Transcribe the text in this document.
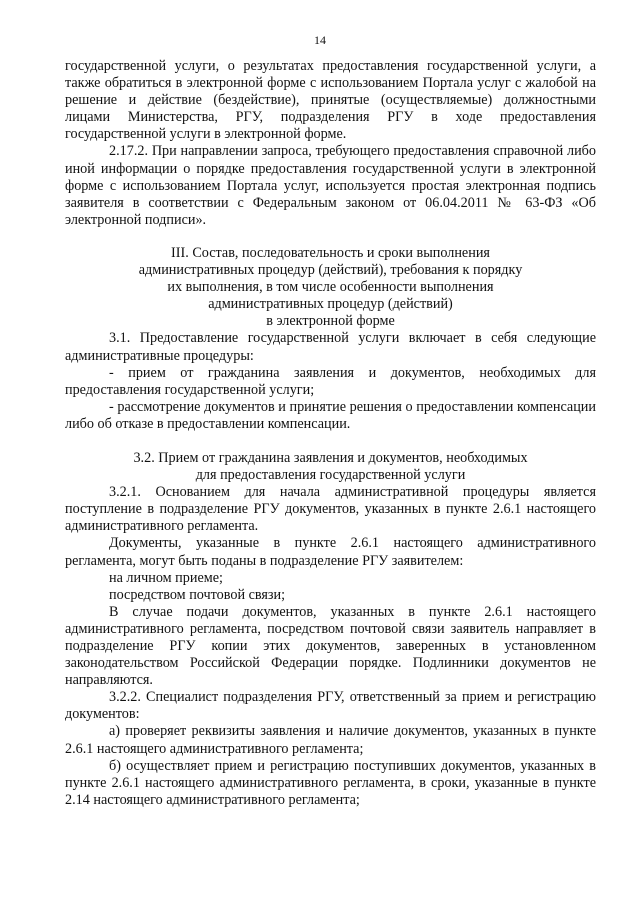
14

государственной услуги, о результатах предоставления государственной услуги, а также обратиться в электронной форме с использованием Портала услуг с жалобой на решение и действие (бездействие), принятые (осуществляемые) должностными лицами Министерства, РГУ, подразделения РГУ в ходе предоставления государственной услуги в электронной форме.

2.17.2. При направлении запроса, требующего предоставления справочной либо иной информации о порядке предоставления государственной услуги в электронной форме с использованием Портала услуг, используется простая электронная подпись заявителя в соответствии с Федеральным законом от 06.04.2011 № 63-ФЗ «Об электронной подписи».

III. Состав, последовательность и сроки выполнения
административных процедур (действий), требования к порядку
их выполнения, в том числе особенности выполнения
административных процедур (действий)
в электронной форме

3.1. Предоставление государственной услуги включает в себя следующие административные процедуры:

- прием от гражданина заявления и документов, необходимых для предоставления государственной услуги;

- рассмотрение документов и принятие решения о предоставлении компенсации либо об отказе в предоставлении компенсации.

3.2. Прием от гражданина заявления и документов, необходимых
для предоставления государственной услуги

3.2.1. Основанием для начала административной процедуры является поступление в подразделение РГУ документов, указанных в пункте 2.6.1 настоящего административного регламента.

Документы, указанные в пункте 2.6.1 настоящего административного регламента, могут быть поданы в подразделение РГУ заявителем:

на личном приеме;

посредством почтовой связи;

В случае подачи документов, указанных в пункте 2.6.1 настоящего административного регламента, посредством почтовой связи заявитель направляет в подразделение РГУ копии этих документов, заверенных в установленном законодательством Российской Федерации порядке. Подлинники документов не направляются.

3.2.2. Специалист подразделения РГУ, ответственный за прием и регистрацию документов:

а) проверяет реквизиты заявления и наличие документов, указанных в пункте 2.6.1 настоящего административного регламента;

б) осуществляет прием и регистрацию поступивших документов, указанных в пункте 2.6.1 настоящего административного регламента, в сроки, указанные в пункте 2.14 настоящего административного регламента;
